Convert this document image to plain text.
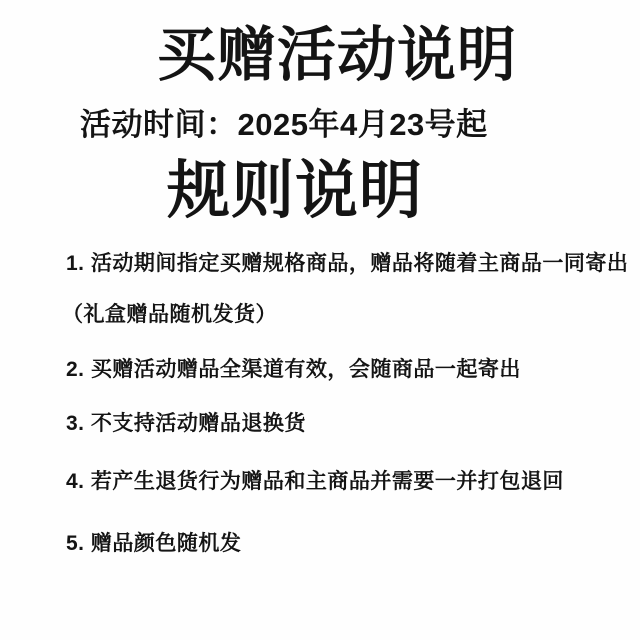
买赠活动说明
活动时间：2025年4月23号起
规则说明
1. 活动期间指定买赠规格商品，赠品将随着主商品一同寄出
（礼盒赠品随机发货）
2. 买赠活动赠品全渠道有效，会随商品一起寄出
3. 不支持活动赠品退换货
4. 若产生退货行为赠品和主商品并需要一并打包退回
5. 赠品颜色随机发
